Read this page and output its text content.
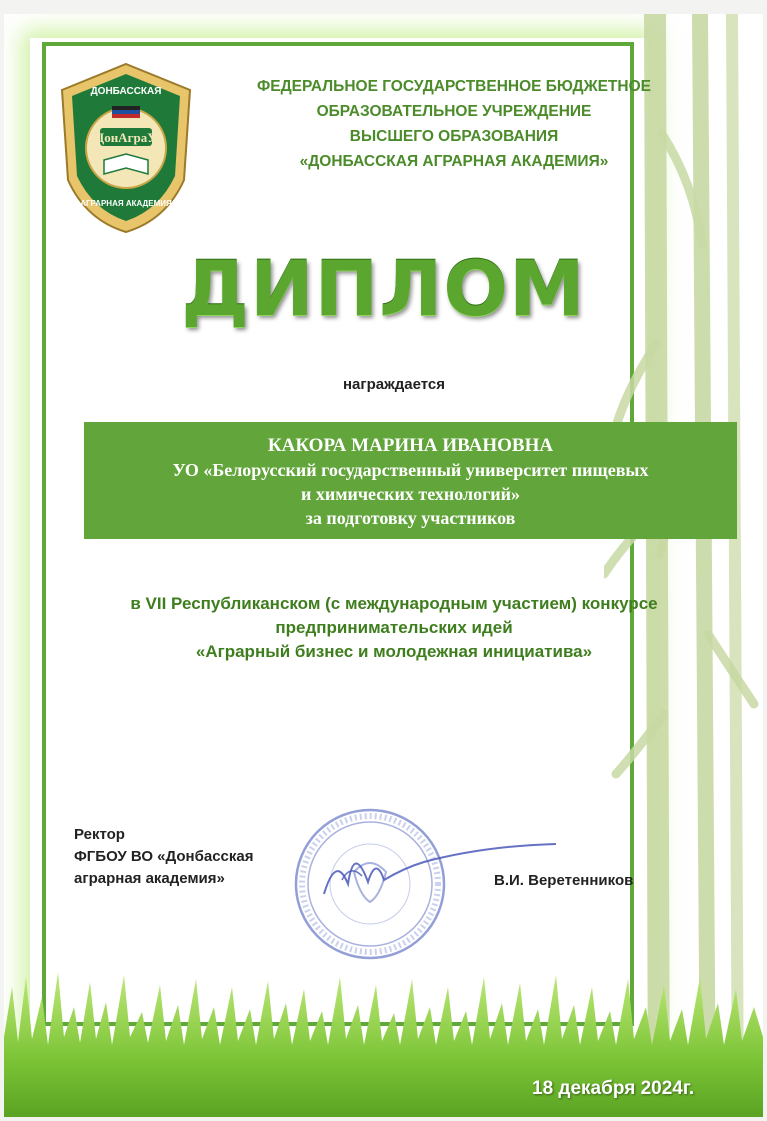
ДонАграУ
ДОНБАССКАЯ
АГРАРНАЯ АКАДЕМИЯ
ФЕДЕРАЛЬНОЕ ГОСУДАРСТВЕННОЕ БЮДЖЕТНОЕ
ОБРАЗОВАТЕЛЬНОЕ УЧРЕЖДЕНИЕ
ВЫСШЕГО ОБРАЗОВАНИЯ
«ДОНБАССКАЯ АГРАРНАЯ АКАДЕМИЯ»
ДИПЛОМ
награждается
КАКОРА МАРИНА ИВАНОВНА
УО «Белорусский государственный университет пищевых
и химических технологий»
за подготовку участников
в VII Республиканском (с международным участием) конкурсе
предпринимательских идей
«Аграрный бизнес и молодежная инициатива»
Ректор
ФГБОУ ВО «Донбасская
аграрная академия»	В.И. Веретенников
18 декабря 2024г.
